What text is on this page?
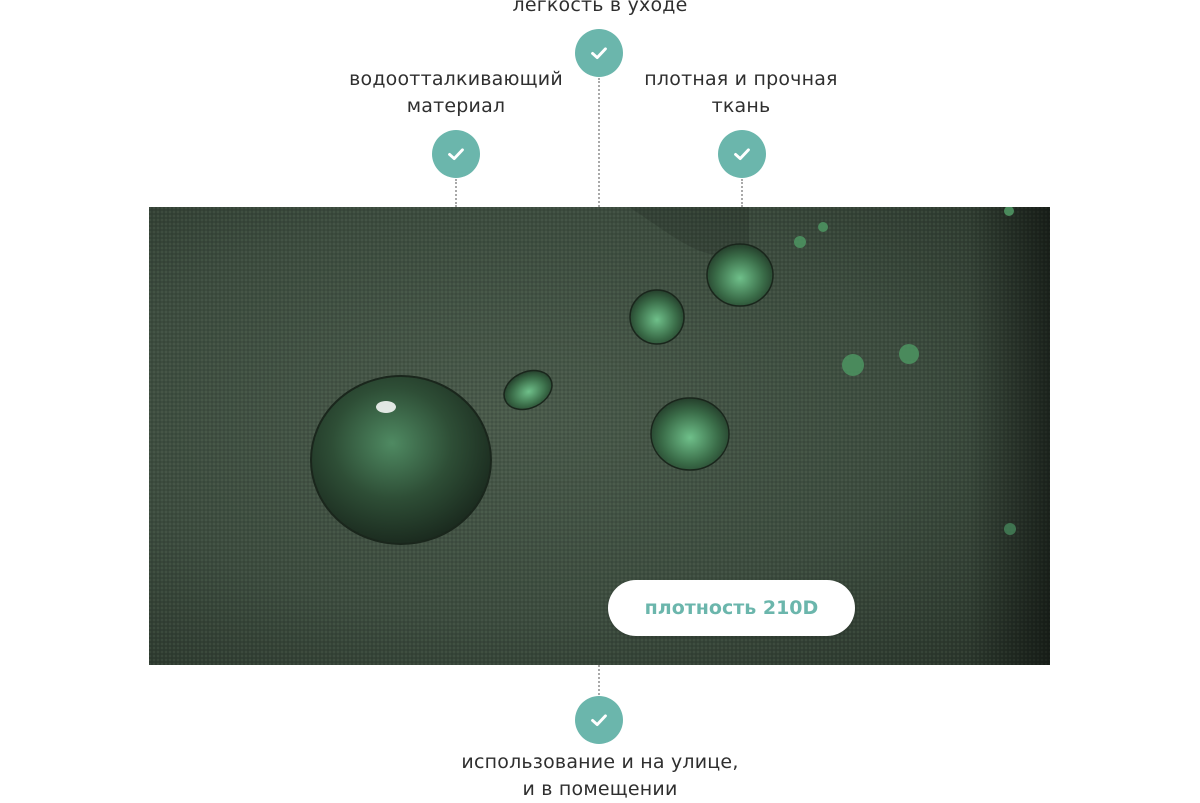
легкость в уходе
водоотталкивающий
материал
плотная и прочная
ткань
плотность 210D
использование и на улице,
и в помещении
